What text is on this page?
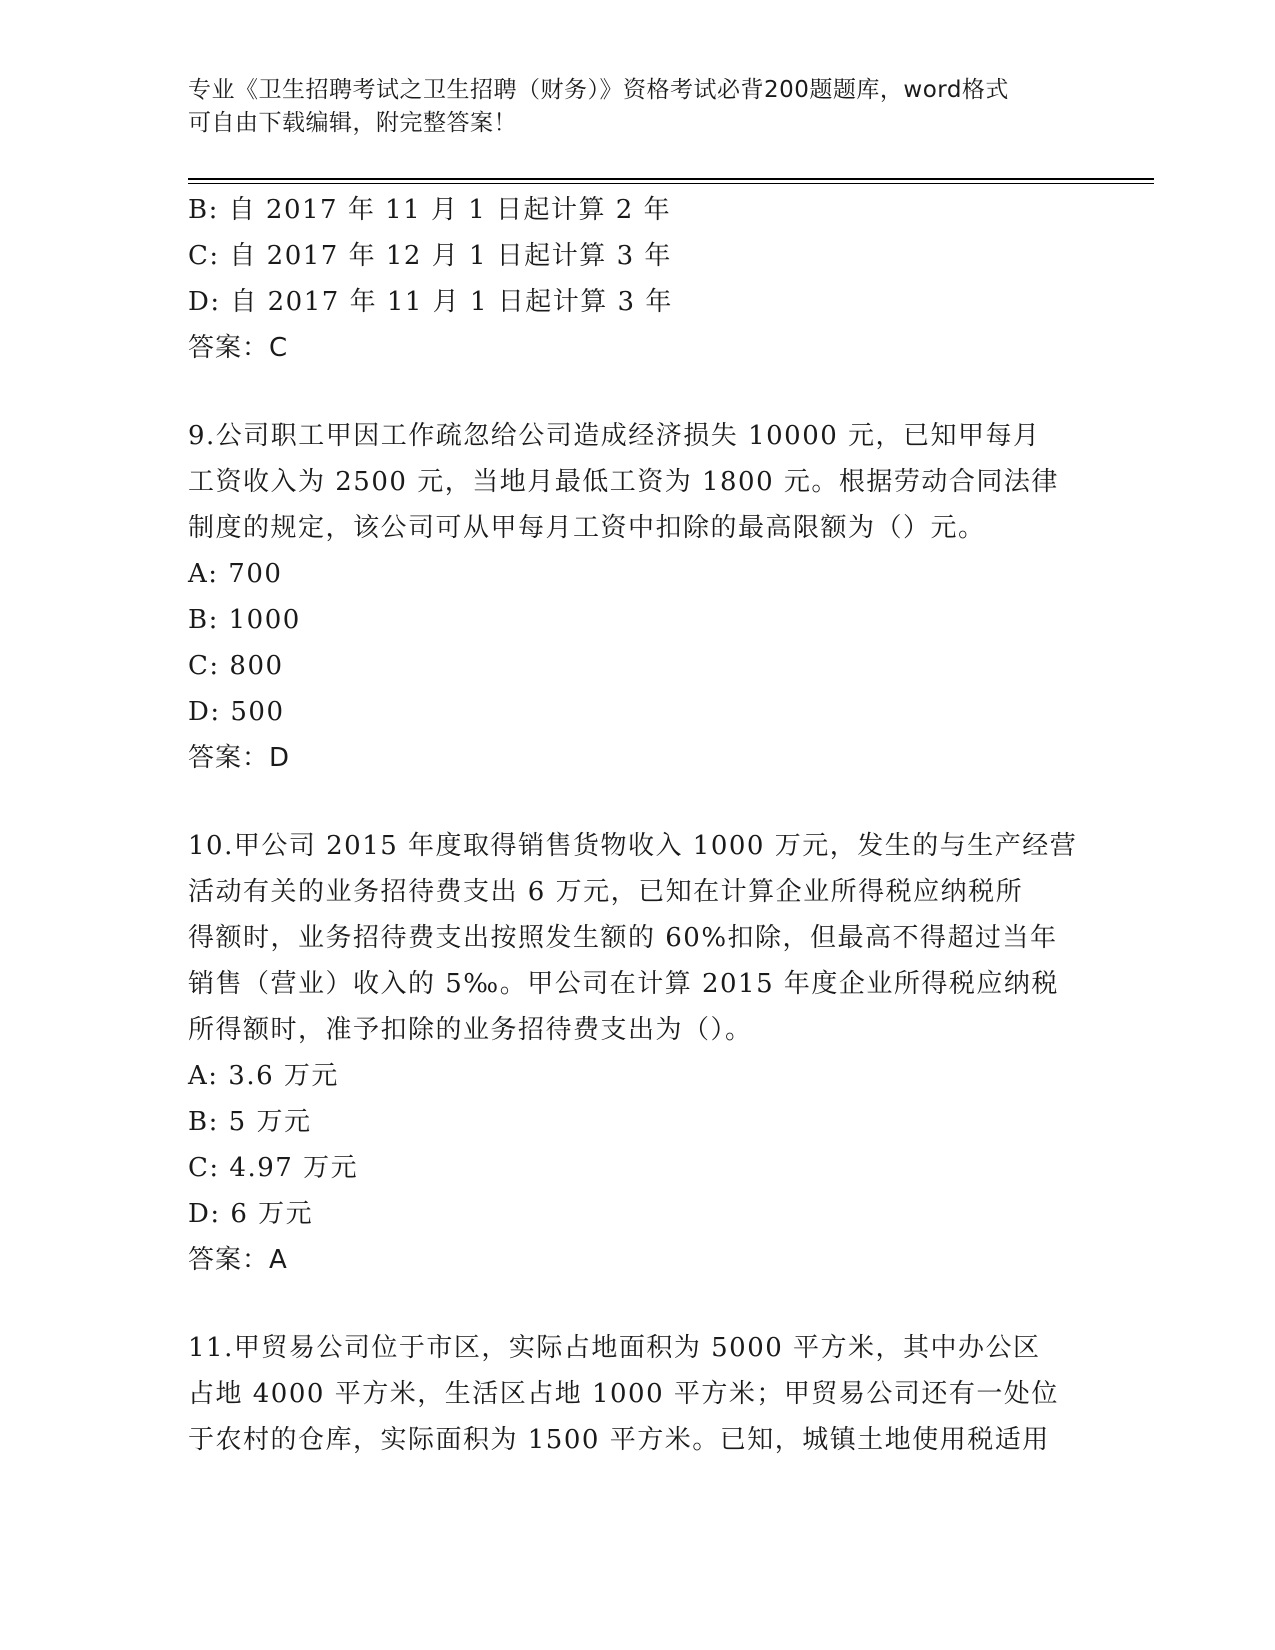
专业《卫生招聘考试之卫生招聘（财务）》资格考试必背200题题库，word格式
可自由下载编辑，附完整答案！
B: 自 2017 年 11 月 1 日起计算 2 年
C: 自 2017 年 12 月 1 日起计算 3 年
D: 自 2017 年 11 月 1 日起计算 3 年
答案：C
9.公司职工甲因工作疏忽给公司造成经济损失 10000 元，已知甲每月
工资收入为 2500 元，当地月最低工资为 1800 元。根据劳动合同法律
制度的规定，该公司可从甲每月工资中扣除的最高限额为（）元。
A: 700
B: 1000
C: 800
D: 500
答案：D
10.甲公司 2015 年度取得销售货物收入 1000 万元，发生的与生产经营
活动有关的业务招待费支出 6 万元，已知在计算企业所得税应纳税所
得额时，业务招待费支出按照发生额的 60%扣除，但最高不得超过当年
销售（营业）收入的 5‰。甲公司在计算 2015 年度企业所得税应纳税
所得额时，准予扣除的业务招待费支出为（）。
A: 3.6 万元
B: 5 万元
C: 4.97 万元
D: 6 万元
答案：A
11.甲贸易公司位于市区，实际占地面积为 5000 平方米，其中办公区
占地 4000 平方米，生活区占地 1000 平方米；甲贸易公司还有一处位
于农村的仓库，实际面积为 1500 平方米。已知，城镇土地使用税适用
